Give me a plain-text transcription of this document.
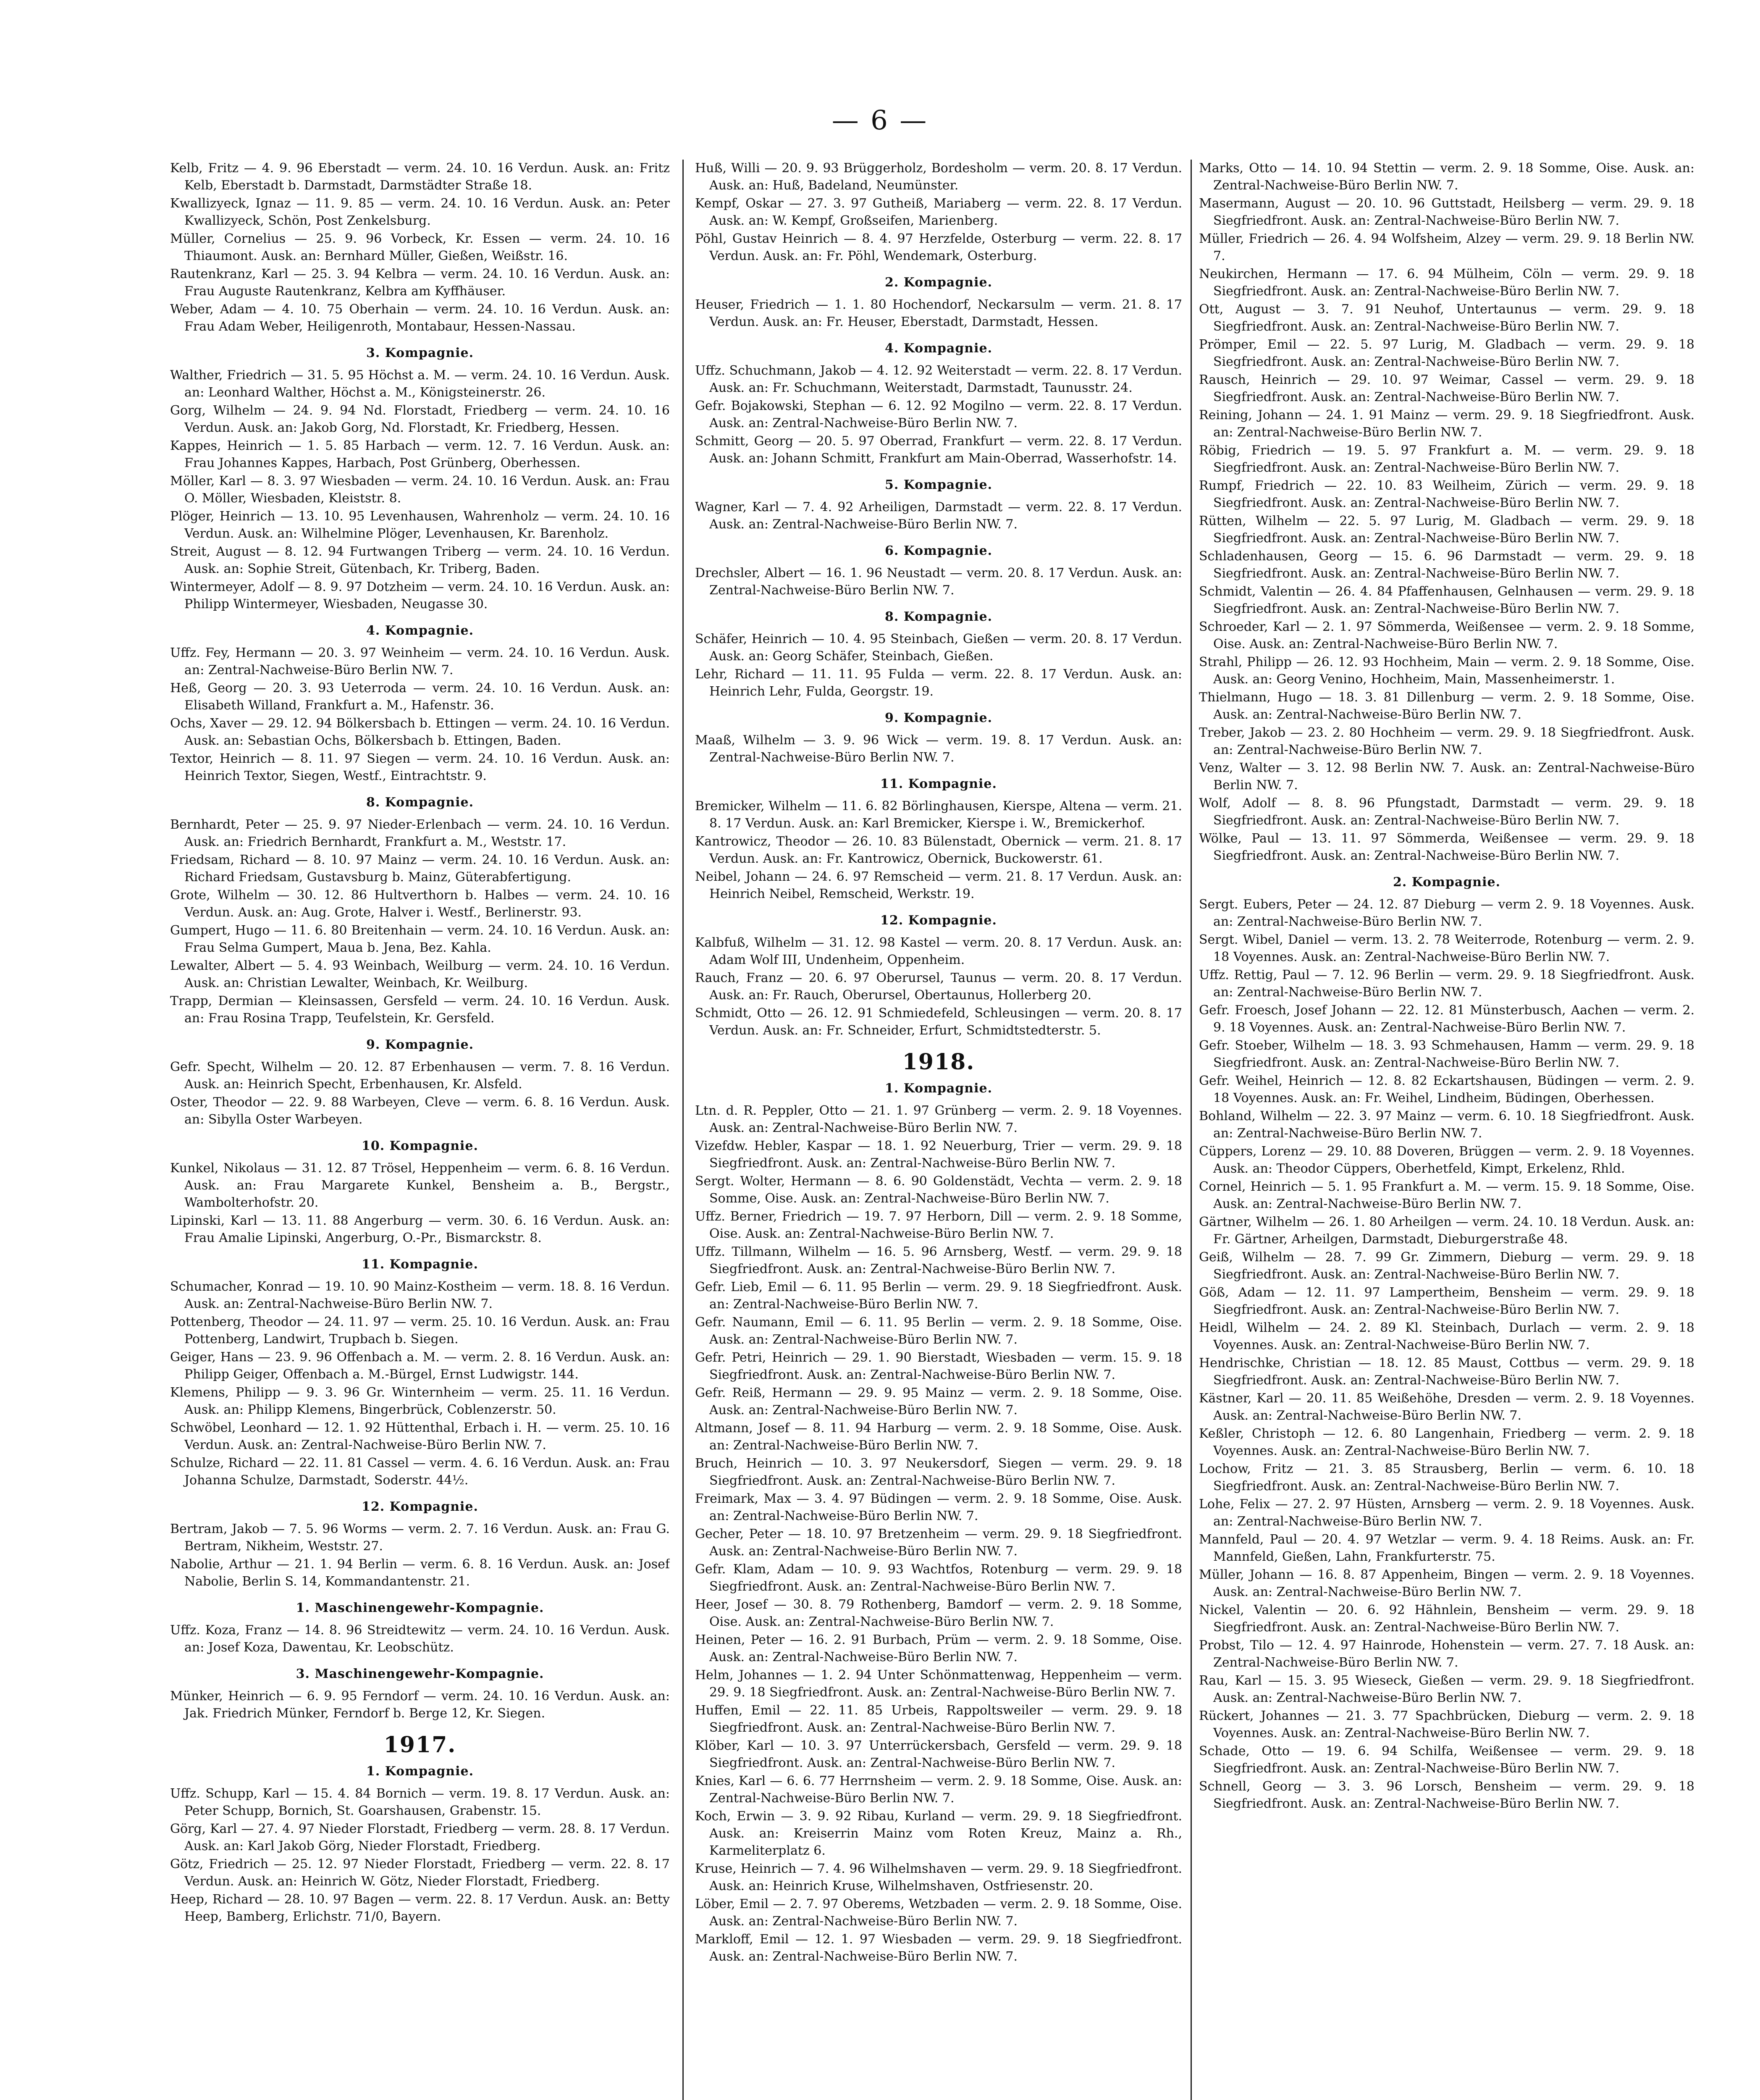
— 6 —
Kelb, Fritz — 4. 9. 96 Eberstadt — verm. 24. 10. 16 Verdun. Ausk. an: Fritz Kelb, Eberstadt b. Darmstadt, Darmstädter Straße 18.
Kwallizyeck, Ignaz — 11. 9. 85 — verm. 24. 10. 16 Verdun. Ausk. an: Peter Kwallizyeck, Schön, Post Zenkelsburg.
Müller, Cornelius — 25. 9. 96 Vorbeck, Kr. Essen — verm. 24. 10. 16 Thiaumont. Ausk. an: Bernhard Müller, Gießen, Weißstr. 16.
Rautenkranz, Karl — 25. 3. 94 Kelbra — verm. 24. 10. 16 Verdun. Ausk. an: Frau Auguste Rautenkranz, Kelbra am Kyffhäuser.
Weber, Adam — 4. 10. 75 Oberhain — verm. 24. 10. 16 Verdun. Ausk. an: Frau Adam Weber, Heiligenroth, Montabaur, Hessen-Nassau.
3. Kompagnie.
Walther, Friedrich — 31. 5. 95 Höchst a. M. — verm. 24. 10. 16 Verdun. Ausk. an: Leonhard Walther, Höchst a. M., Königsteinerstr. 26.
Gorg, Wilhelm — 24. 9. 94 Nd. Florstadt, Friedberg — verm. 24. 10. 16 Verdun. Ausk. an: Jakob Gorg, Nd. Florstadt, Kr. Friedberg, Hessen.
Kappes, Heinrich — 1. 5. 85 Harbach — verm. 12. 7. 16 Verdun. Ausk. an: Frau Johannes Kappes, Harbach, Post Grünberg, Oberhessen.
Möller, Karl — 8. 3. 97 Wiesbaden — verm. 24. 10. 16 Verdun. Ausk. an: Frau O. Möller, Wiesbaden, Kleiststr. 8.
Plöger, Heinrich — 13. 10. 95 Levenhausen, Wahrenholz — verm. 24. 10. 16 Verdun. Ausk. an: Wilhelmine Plöger, Levenhausen, Kr. Barenholz.
Streit, August — 8. 12. 94 Furtwangen Triberg — verm. 24. 10. 16 Verdun. Ausk. an: Sophie Streit, Gütenbach, Kr. Triberg, Baden.
Wintermeyer, Adolf — 8. 9. 97 Dotzheim — verm. 24. 10. 16 Verdun. Ausk. an: Philipp Wintermeyer, Wiesbaden, Neugasse 30.
4. Kompagnie.
Uffz. Fey, Hermann — 20. 3. 97 Weinheim — verm. 24. 10. 16 Verdun. Ausk. an: Zentral-Nachweise-Büro Berlin NW. 7.
Heß, Georg — 20. 3. 93 Ueterroda — verm. 24. 10. 16 Verdun. Ausk. an: Elisabeth Willand, Frankfurt a. M., Hafenstr. 36.
Ochs, Xaver — 29. 12. 94 Bölkersbach b. Ettingen — verm. 24. 10. 16 Verdun. Ausk. an: Sebastian Ochs, Bölkersbach b. Ettingen, Baden.
Textor, Heinrich — 8. 11. 97 Siegen — verm. 24. 10. 16 Verdun. Ausk. an: Heinrich Textor, Siegen, Westf., Eintrachtstr. 9.
8. Kompagnie.
Bernhardt, Peter — 25. 9. 97 Nieder-Erlenbach — verm. 24. 10. 16 Verdun. Ausk. an: Friedrich Bernhardt, Frankfurt a. M., Weststr. 17.
Friedsam, Richard — 8. 10. 97 Mainz — verm. 24. 10. 16 Verdun. Ausk. an: Richard Friedsam, Gustavsburg b. Mainz, Güterabfertigung.
Grote, Wilhelm — 30. 12. 86 Hultverthorn b. Halbes — verm. 24. 10. 16 Verdun. Ausk. an: Aug. Grote, Halver i. Westf., Berlinerstr. 93.
Gumpert, Hugo — 11. 6. 80 Breitenhain — verm. 24. 10. 16 Verdun. Ausk. an: Frau Selma Gumpert, Maua b. Jena, Bez. Kahla.
Lewalter, Albert — 5. 4. 93 Weinbach, Weilburg — verm. 24. 10. 16 Verdun. Ausk. an: Christian Lewalter, Weinbach, Kr. Weilburg.
Trapp, Dermian — Kleinsassen, Gersfeld — verm. 24. 10. 16 Verdun. Ausk. an: Frau Rosina Trapp, Teufelstein, Kr. Gersfeld.
9. Kompagnie.
Gefr. Specht, Wilhelm — 20. 12. 87 Erbenhausen — verm. 7. 8. 16 Verdun. Ausk. an: Heinrich Specht, Erbenhausen, Kr. Alsfeld.
Oster, Theodor — 22. 9. 88 Warbeyen, Cleve — verm. 6. 8. 16 Verdun. Ausk. an: Sibylla Oster Warbeyen.
10. Kompagnie.
Kunkel, Nikolaus — 31. 12. 87 Trösel, Heppenheim — verm. 6. 8. 16 Verdun. Ausk. an: Frau Margarete Kunkel, Bensheim a. B., Bergstr., Wambolterhofstr. 20.
Lipinski, Karl — 13. 11. 88 Angerburg — verm. 30. 6. 16 Verdun. Ausk. an: Frau Amalie Lipinski, Angerburg, O.-Pr., Bismarckstr. 8.
11. Kompagnie.
Schumacher, Konrad — 19. 10. 90 Mainz-Kostheim — verm. 18. 8. 16 Verdun. Ausk. an: Zentral-Nachweise-Büro Berlin NW. 7.
Pottenberg, Theodor — 24. 11. 97 — verm. 25. 10. 16 Verdun. Ausk. an: Frau Pottenberg, Landwirt, Trupbach b. Siegen.
Geiger, Hans — 23. 9. 96 Offenbach a. M. — verm. 2. 8. 16 Verdun. Ausk. an: Philipp Geiger, Offenbach a. M.-Bürgel, Ernst Ludwigstr. 144.
Klemens, Philipp — 9. 3. 96 Gr. Winternheim — verm. 25. 11. 16 Verdun. Ausk. an: Philipp Klemens, Bingerbrück, Coblenzerstr. 50.
Schwöbel, Leonhard — 12. 1. 92 Hüttenthal, Erbach i. H. — verm. 25. 10. 16 Verdun. Ausk. an: Zentral-Nachweise-Büro Berlin NW. 7.
Schulze, Richard — 22. 11. 81 Cassel — verm. 4. 6. 16 Verdun. Ausk. an: Frau Johanna Schulze, Darmstadt, Soderstr. 44½.
12. Kompagnie.
Bertram, Jakob — 7. 5. 96 Worms — verm. 2. 7. 16 Verdun. Ausk. an: Frau G. Bertram, Nikheim, Weststr. 27.
Nabolie, Arthur — 21. 1. 94 Berlin — verm. 6. 8. 16 Verdun. Ausk. an: Josef Nabolie, Berlin S. 14, Kommandantenstr. 21.
1. Maschinengewehr-Kompagnie.
Uffz. Koza, Franz — 14. 8. 96 Streidtewitz — verm. 24. 10. 16 Verdun. Ausk. an: Josef Koza, Dawentau, Kr. Leobschütz.
3. Maschinengewehr-Kompagnie.
Münker, Heinrich — 6. 9. 95 Ferndorf — verm. 24. 10. 16 Verdun. Ausk. an: Jak. Friedrich Münker, Ferndorf b. Berge 12, Kr. Siegen.
1917.
1. Kompagnie.
Uffz. Schupp, Karl — 15. 4. 84 Bornich — verm. 19. 8. 17 Verdun. Ausk. an: Peter Schupp, Bornich, St. Goarshausen, Grabenstr. 15.
Görg, Karl — 27. 4. 97 Nieder Florstadt, Friedberg — verm. 28. 8. 17 Verdun. Ausk. an: Karl Jakob Görg, Nieder Florstadt, Friedberg.
Götz, Friedrich — 25. 12. 97 Nieder Florstadt, Friedberg — verm. 22. 8. 17 Verdun. Ausk. an: Heinrich W. Götz, Nieder Florstadt, Friedberg.
Heep, Richard — 28. 10. 97 Bagen — verm. 22. 8. 17 Verdun. Ausk. an: Betty Heep, Bamberg, Erlichstr. 71/0, Bayern.
Huß, Willi — 20. 9. 93 Brüggerholz, Bordesholm — verm. 20. 8. 17 Verdun. Ausk. an: Huß, Badeland, Neumünster.
Kempf, Oskar — 27. 3. 97 Gutheiß, Mariaberg — verm. 22. 8. 17 Verdun. Ausk. an: W. Kempf, Großseifen, Marienberg.
Pöhl, Gustav Heinrich — 8. 4. 97 Herzfelde, Osterburg — verm. 22. 8. 17 Verdun. Ausk. an: Fr. Pöhl, Wendemark, Osterburg.
2. Kompagnie.
Heuser, Friedrich — 1. 1. 80 Hochendorf, Neckarsulm — verm. 21. 8. 17 Verdun. Ausk. an: Fr. Heuser, Eberstadt, Darmstadt, Hessen.
4. Kompagnie.
Uffz. Schuchmann, Jakob — 4. 12. 92 Weiterstadt — verm. 22. 8. 17 Verdun. Ausk. an: Fr. Schuchmann, Weiterstadt, Darmstadt, Taunusstr. 24.
Gefr. Bojakowski, Stephan — 6. 12. 92 Mogilno — verm. 22. 8. 17 Verdun. Ausk. an: Zentral-Nachweise-Büro Berlin NW. 7.
Schmitt, Georg — 20. 5. 97 Oberrad, Frankfurt — verm. 22. 8. 17 Verdun. Ausk. an: Johann Schmitt, Frankfurt am Main-Oberrad, Wasserhofstr. 14.
5. Kompagnie.
Wagner, Karl — 7. 4. 92 Arheiligen, Darmstadt — verm. 22. 8. 17 Verdun. Ausk. an: Zentral-Nachweise-Büro Berlin NW. 7.
6. Kompagnie.
Drechsler, Albert — 16. 1. 96 Neustadt — verm. 20. 8. 17 Verdun. Ausk. an: Zentral-Nachweise-Büro Berlin NW. 7.
8. Kompagnie.
Schäfer, Heinrich — 10. 4. 95 Steinbach, Gießen — verm. 20. 8. 17 Verdun. Ausk. an: Georg Schäfer, Steinbach, Gießen.
Lehr, Richard — 11. 11. 95 Fulda — verm. 22. 8. 17 Verdun. Ausk. an: Heinrich Lehr, Fulda, Georgstr. 19.
9. Kompagnie.
Maaß, Wilhelm — 3. 9. 96 Wick — verm. 19. 8. 17 Verdun. Ausk. an: Zentral-Nachweise-Büro Berlin NW. 7.
11. Kompagnie.
Bremicker, Wilhelm — 11. 6. 82 Börlinghausen, Kierspe, Altena — verm. 21. 8. 17 Verdun. Ausk. an: Karl Bremicker, Kierspe i. W., Bremickerhof.
Kantrowicz, Theodor — 26. 10. 83 Bülenstadt, Obernick — verm. 21. 8. 17 Verdun. Ausk. an: Fr. Kantrowicz, Obernick, Buckowerstr. 61.
Neibel, Johann — 24. 6. 97 Remscheid — verm. 21. 8. 17 Verdun. Ausk. an: Heinrich Neibel, Remscheid, Werkstr. 19.
12. Kompagnie.
Kalbfuß, Wilhelm — 31. 12. 98 Kastel — verm. 20. 8. 17 Verdun. Ausk. an: Adam Wolf III, Undenheim, Oppenheim.
Rauch, Franz — 20. 6. 97 Oberursel, Taunus — verm. 20. 8. 17 Verdun. Ausk. an: Fr. Rauch, Oberursel, Obertaunus, Hollerberg 20.
Schmidt, Otto — 26. 12. 91 Schmiedefeld, Schleusingen — verm. 20. 8. 17 Verdun. Ausk. an: Fr. Schneider, Erfurt, Schmidtstedterstr. 5.
1918.
1. Kompagnie.
Ltn. d. R. Peppler, Otto — 21. 1. 97 Grünberg — verm. 2. 9. 18 Voyennes. Ausk. an: Zentral-Nachweise-Büro Berlin NW. 7.
Vizefdw. Hebler, Kaspar — 18. 1. 92 Neuerburg, Trier — verm. 29. 9. 18 Siegfriedfront. Ausk. an: Zentral-Nachweise-Büro Berlin NW. 7.
Sergt. Wolter, Hermann — 8. 6. 90 Goldenstädt, Vechta — verm. 2. 9. 18 Somme, Oise. Ausk. an: Zentral-Nachweise-Büro Berlin NW. 7.
Uffz. Berner, Friedrich — 19. 7. 97 Herborn, Dill — verm. 2. 9. 18 Somme, Oise. Ausk. an: Zentral-Nachweise-Büro Berlin NW. 7.
Uffz. Tillmann, Wilhelm — 16. 5. 96 Arnsberg, Westf. — verm. 29. 9. 18 Siegfriedfront. Ausk. an: Zentral-Nachweise-Büro Berlin NW. 7.
Gefr. Lieb, Emil — 6. 11. 95 Berlin — verm. 29. 9. 18 Siegfriedfront. Ausk. an: Zentral-Nachweise-Büro Berlin NW. 7.
Gefr. Naumann, Emil — 6. 11. 95 Berlin — verm. 2. 9. 18 Somme, Oise. Ausk. an: Zentral-Nachweise-Büro Berlin NW. 7.
Gefr. Petri, Heinrich — 29. 1. 90 Bierstadt, Wiesbaden — verm. 15. 9. 18 Siegfriedfront. Ausk. an: Zentral-Nachweise-Büro Berlin NW. 7.
Gefr. Reiß, Hermann — 29. 9. 95 Mainz — verm. 2. 9. 18 Somme, Oise. Ausk. an: Zentral-Nachweise-Büro Berlin NW. 7.
Altmann, Josef — 8. 11. 94 Harburg — verm. 2. 9. 18 Somme, Oise. Ausk. an: Zentral-Nachweise-Büro Berlin NW. 7.
Bruch, Heinrich — 10. 3. 97 Neukersdorf, Siegen — verm. 29. 9. 18 Siegfriedfront. Ausk. an: Zentral-Nachweise-Büro Berlin NW. 7.
Freimark, Max — 3. 4. 97 Büdingen — verm. 2. 9. 18 Somme, Oise. Ausk. an: Zentral-Nachweise-Büro Berlin NW. 7.
Gecher, Peter — 18. 10. 97 Bretzenheim — verm. 29. 9. 18 Siegfriedfront. Ausk. an: Zentral-Nachweise-Büro Berlin NW. 7.
Gefr. Klam, Adam — 10. 9. 93 Wachtfos, Rotenburg — verm. 29. 9. 18 Siegfriedfront. Ausk. an: Zentral-Nachweise-Büro Berlin NW. 7.
Heer, Josef — 30. 8. 79 Rothenberg, Bamdorf — verm. 2. 9. 18 Somme, Oise. Ausk. an: Zentral-Nachweise-Büro Berlin NW. 7.
Heinen, Peter — 16. 2. 91 Burbach, Prüm — verm. 2. 9. 18 Somme, Oise. Ausk. an: Zentral-Nachweise-Büro Berlin NW. 7.
Helm, Johannes — 1. 2. 94 Unter Schönmattenwag, Heppenheim — verm. 29. 9. 18 Siegfriedfront. Ausk. an: Zentral-Nachweise-Büro Berlin NW. 7.
Huffen, Emil — 22. 11. 85 Urbeis, Rappoltsweiler — verm. 29. 9. 18 Siegfriedfront. Ausk. an: Zentral-Nachweise-Büro Berlin NW. 7.
Klöber, Karl — 10. 3. 97 Unterrückersbach, Gersfeld — verm. 29. 9. 18 Siegfriedfront. Ausk. an: Zentral-Nachweise-Büro Berlin NW. 7.
Knies, Karl — 6. 6. 77 Herrnsheim — verm. 2. 9. 18 Somme, Oise. Ausk. an: Zentral-Nachweise-Büro Berlin NW. 7.
Koch, Erwin — 3. 9. 92 Ribau, Kurland — verm. 29. 9. 18 Siegfriedfront. Ausk. an: Kreiserrin Mainz vom Roten Kreuz, Mainz a. Rh., Karmeliterplatz 6.
Kruse, Heinrich — 7. 4. 96 Wilhelmshaven — verm. 29. 9. 18 Siegfriedfront. Ausk. an: Heinrich Kruse, Wilhelmshaven, Ostfriesenstr. 20.
Löber, Emil — 2. 7. 97 Oberems, Wetzbaden — verm. 2. 9. 18 Somme, Oise. Ausk. an: Zentral-Nachweise-Büro Berlin NW. 7.
Markloff, Emil — 12. 1. 97 Wiesbaden — verm. 29. 9. 18 Siegfriedfront. Ausk. an: Zentral-Nachweise-Büro Berlin NW. 7.
Marks, Otto — 14. 10. 94 Stettin — verm. 2. 9. 18 Somme, Oise. Ausk. an: Zentral-Nachweise-Büro Berlin NW. 7.
Masermann, August — 20. 10. 96 Guttstadt, Heilsberg — verm. 29. 9. 18 Siegfriedfront. Ausk. an: Zentral-Nachweise-Büro Berlin NW. 7.
Müller, Friedrich — 26. 4. 94 Wolfsheim, Alzey — verm. 29. 9. 18 Berlin NW. 7.
Neukirchen, Hermann — 17. 6. 94 Mülheim, Cöln — verm. 29. 9. 18 Siegfriedfront. Ausk. an: Zentral-Nachweise-Büro Berlin NW. 7.
Ott, August — 3. 7. 91 Neuhof, Untertaunus — verm. 29. 9. 18 Siegfriedfront. Ausk. an: Zentral-Nachweise-Büro Berlin NW. 7.
Prömper, Emil — 22. 5. 97 Lurig, M. Gladbach — verm. 29. 9. 18 Siegfriedfront. Ausk. an: Zentral-Nachweise-Büro Berlin NW. 7.
Rausch, Heinrich — 29. 10. 97 Weimar, Cassel — verm. 29. 9. 18 Siegfriedfront. Ausk. an: Zentral-Nachweise-Büro Berlin NW. 7.
Reining, Johann — 24. 1. 91 Mainz — verm. 29. 9. 18 Siegfriedfront. Ausk. an: Zentral-Nachweise-Büro Berlin NW. 7.
Röbig, Friedrich — 19. 5. 97 Frankfurt a. M. — verm. 29. 9. 18 Siegfriedfront. Ausk. an: Zentral-Nachweise-Büro Berlin NW. 7.
Rumpf, Friedrich — 22. 10. 83 Weilheim, Zürich — verm. 29. 9. 18 Siegfriedfront. Ausk. an: Zentral-Nachweise-Büro Berlin NW. 7.
Rütten, Wilhelm — 22. 5. 97 Lurig, M. Gladbach — verm. 29. 9. 18 Siegfriedfront. Ausk. an: Zentral-Nachweise-Büro Berlin NW. 7.
Schladenhausen, Georg — 15. 6. 96 Darmstadt — verm. 29. 9. 18 Siegfriedfront. Ausk. an: Zentral-Nachweise-Büro Berlin NW. 7.
Schmidt, Valentin — 26. 4. 84 Pfaffenhausen, Gelnhausen — verm. 29. 9. 18 Siegfriedfront. Ausk. an: Zentral-Nachweise-Büro Berlin NW. 7.
Schroeder, Karl — 2. 1. 97 Sömmerda, Weißensee — verm. 2. 9. 18 Somme, Oise. Ausk. an: Zentral-Nachweise-Büro Berlin NW. 7.
Strahl, Philipp — 26. 12. 93 Hochheim, Main — verm. 2. 9. 18 Somme, Oise. Ausk. an: Georg Venino, Hochheim, Main, Massenheimerstr. 1.
Thielmann, Hugo — 18. 3. 81 Dillenburg — verm. 2. 9. 18 Somme, Oise. Ausk. an: Zentral-Nachweise-Büro Berlin NW. 7.
Treber, Jakob — 23. 2. 80 Hochheim — verm. 29. 9. 18 Siegfriedfront. Ausk. an: Zentral-Nachweise-Büro Berlin NW. 7.
Venz, Walter — 3. 12. 98 Berlin NW. 7. Ausk. an: Zentral-Nachweise-Büro Berlin NW. 7.
Wolf, Adolf — 8. 8. 96 Pfungstadt, Darmstadt — verm. 29. 9. 18 Siegfriedfront. Ausk. an: Zentral-Nachweise-Büro Berlin NW. 7.
Wölke, Paul — 13. 11. 97 Sömmerda, Weißensee — verm. 29. 9. 18 Siegfriedfront. Ausk. an: Zentral-Nachweise-Büro Berlin NW. 7.
2. Kompagnie.
Sergt. Eubers, Peter — 24. 12. 87 Dieburg — verm 2. 9. 18 Voyennes. Ausk. an: Zentral-Nachweise-Büro Berlin NW. 7.
Sergt. Wibel, Daniel — verm. 13. 2. 78 Weiterrode, Rotenburg — verm. 2. 9. 18 Voyennes. Ausk. an: Zentral-Nachweise-Büro Berlin NW. 7.
Uffz. Rettig, Paul — 7. 12. 96 Berlin — verm. 29. 9. 18 Siegfriedfront. Ausk. an: Zentral-Nachweise-Büro Berlin NW. 7.
Gefr. Froesch, Josef Johann — 22. 12. 81 Münsterbusch, Aachen — verm. 2. 9. 18 Voyennes. Ausk. an: Zentral-Nachweise-Büro Berlin NW. 7.
Gefr. Stoeber, Wilhelm — 18. 3. 93 Schmehausen, Hamm — verm. 29. 9. 18 Siegfriedfront. Ausk. an: Zentral-Nachweise-Büro Berlin NW. 7.
Gefr. Weihel, Heinrich — 12. 8. 82 Eckartshausen, Büdingen — verm. 2. 9. 18 Voyennes. Ausk. an: Fr. Weihel, Lindheim, Büdingen, Oberhessen.
Bohland, Wilhelm — 22. 3. 97 Mainz — verm. 6. 10. 18 Siegfriedfront. Ausk. an: Zentral-Nachweise-Büro Berlin NW. 7.
Cüppers, Lorenz — 29. 10. 88 Doveren, Brüggen — verm. 2. 9. 18 Voyennes. Ausk. an: Theodor Cüppers, Oberhetfeld, Kimpt, Erkelenz, Rhld.
Cornel, Heinrich — 5. 1. 95 Frankfurt a. M. — verm. 15. 9. 18 Somme, Oise. Ausk. an: Zentral-Nachweise-Büro Berlin NW. 7.
Gärtner, Wilhelm — 26. 1. 80 Arheilgen — verm. 24. 10. 18 Verdun. Ausk. an: Fr. Gärtner, Arheilgen, Darmstadt, Dieburgerstraße 48.
Geiß, Wilhelm — 28. 7. 99 Gr. Zimmern, Dieburg — verm. 29. 9. 18 Siegfriedfront. Ausk. an: Zentral-Nachweise-Büro Berlin NW. 7.
Göß, Adam — 12. 11. 97 Lampertheim, Bensheim — verm. 29. 9. 18 Siegfriedfront. Ausk. an: Zentral-Nachweise-Büro Berlin NW. 7.
Heidl, Wilhelm — 24. 2. 89 Kl. Steinbach, Durlach — verm. 2. 9. 18 Voyennes. Ausk. an: Zentral-Nachweise-Büro Berlin NW. 7.
Hendrischke, Christian — 18. 12. 85 Maust, Cottbus — verm. 29. 9. 18 Siegfriedfront. Ausk. an: Zentral-Nachweise-Büro Berlin NW. 7.
Kästner, Karl — 20. 11. 85 Weißehöhe, Dresden — verm. 2. 9. 18 Voyennes. Ausk. an: Zentral-Nachweise-Büro Berlin NW. 7.
Keßler, Christoph — 12. 6. 80 Langenhain, Friedberg — verm. 2. 9. 18 Voyennes. Ausk. an: Zentral-Nachweise-Büro Berlin NW. 7.
Lochow, Fritz — 21. 3. 85 Strausberg, Berlin — verm. 6. 10. 18 Siegfriedfront. Ausk. an: Zentral-Nachweise-Büro Berlin NW. 7.
Lohe, Felix — 27. 2. 97 Hüsten, Arnsberg — verm. 2. 9. 18 Voyennes. Ausk. an: Zentral-Nachweise-Büro Berlin NW. 7.
Mannfeld, Paul — 20. 4. 97 Wetzlar — verm. 9. 4. 18 Reims. Ausk. an: Fr. Mannfeld, Gießen, Lahn, Frankfurterstr. 75.
Müller, Johann — 16. 8. 87 Appenheim, Bingen — verm. 2. 9. 18 Voyennes. Ausk. an: Zentral-Nachweise-Büro Berlin NW. 7.
Nickel, Valentin — 20. 6. 92 Hähnlein, Bensheim — verm. 29. 9. 18 Siegfriedfront. Ausk. an: Zentral-Nachweise-Büro Berlin NW. 7.
Probst, Tilo — 12. 4. 97 Hainrode, Hohenstein — verm. 27. 7. 18 Ausk. an: Zentral-Nachweise-Büro Berlin NW. 7.
Rau, Karl — 15. 3. 95 Wieseck, Gießen — verm. 29. 9. 18 Siegfriedfront. Ausk. an: Zentral-Nachweise-Büro Berlin NW. 7.
Rückert, Johannes — 21. 3. 77 Spachbrücken, Dieburg — verm. 2. 9. 18 Voyennes. Ausk. an: Zentral-Nachweise-Büro Berlin NW. 7.
Schade, Otto — 19. 6. 94 Schilfa, Weißensee — verm. 29. 9. 18 Siegfriedfront. Ausk. an: Zentral-Nachweise-Büro Berlin NW. 7.
Schnell, Georg — 3. 3. 96 Lorsch, Bensheim — verm. 29. 9. 18 Siegfriedfront. Ausk. an: Zentral-Nachweise-Büro Berlin NW. 7.
